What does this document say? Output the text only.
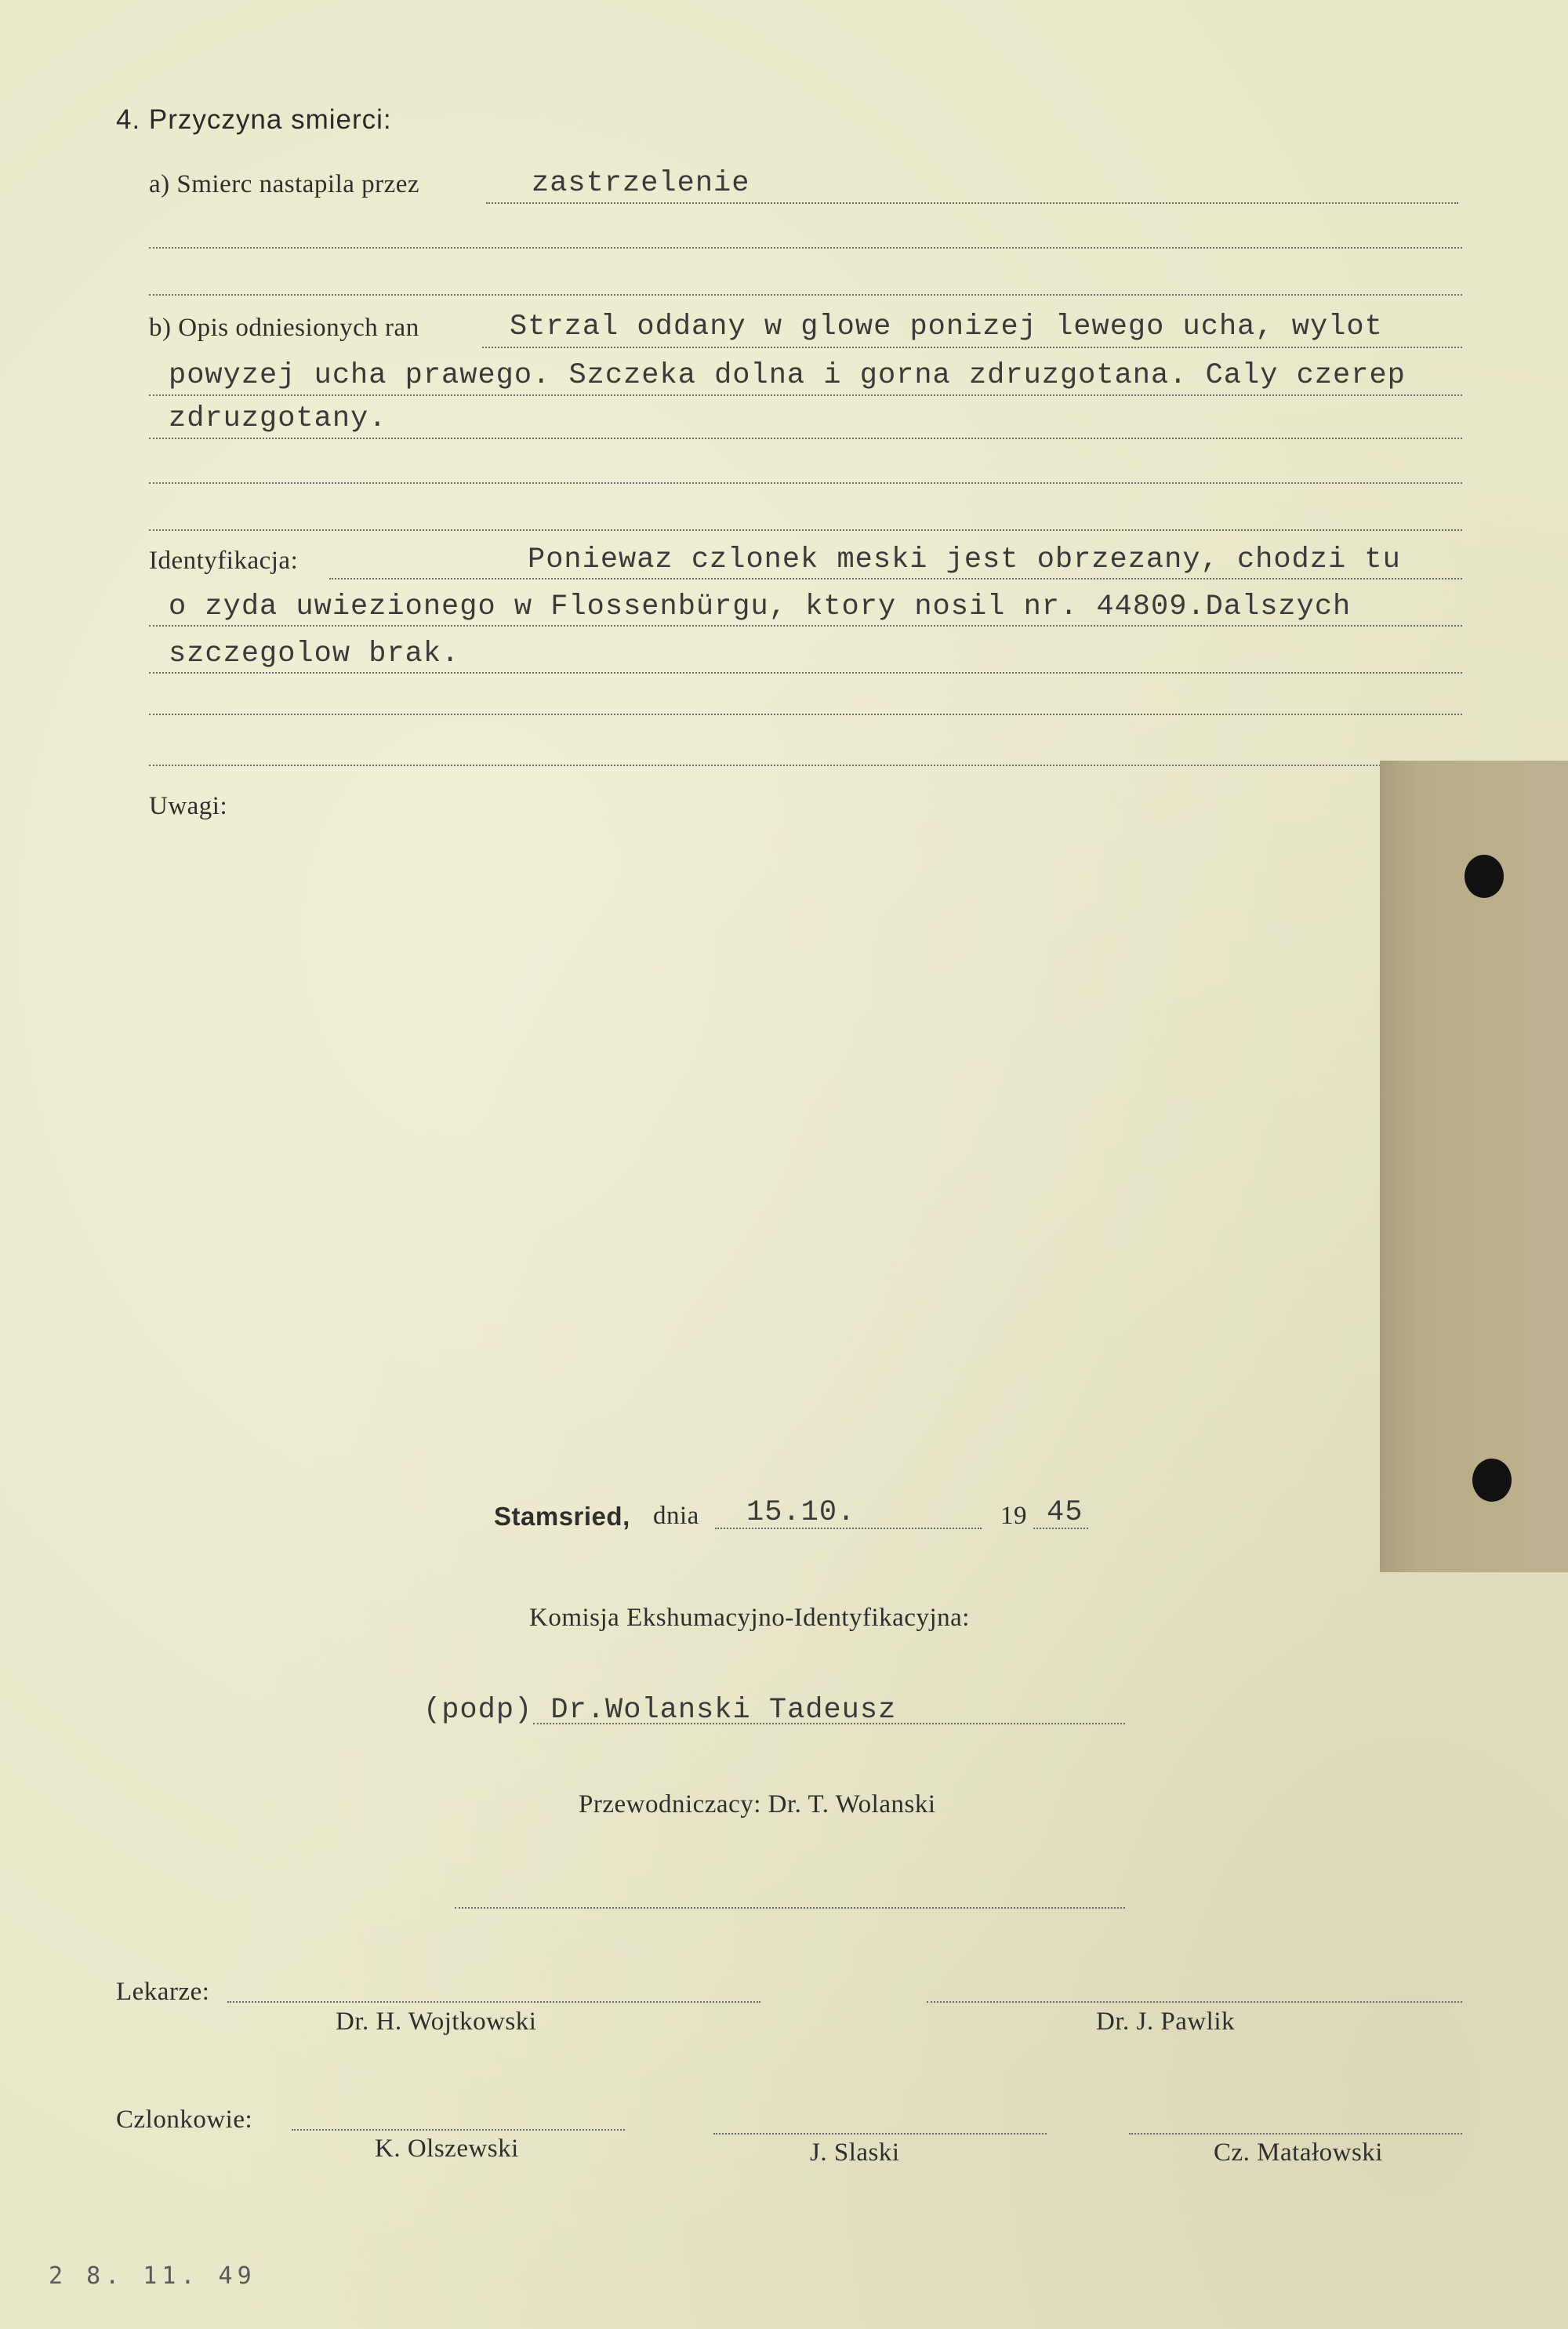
4. Przyczyna smierci:
a) Smierc nastapila przez	zastrzelenie
b) Opis odniesionych ran	Strzal oddany w glowe ponizej lewego ucha, wylot
powyzej ucha prawego. Szczeka dolna i gorna zdruzgotana. Caly czerep
zdruzgotany.
Identyfikacja:	Poniewaz czlonek meski jest obrzezany, chodzi tu
o zyda uwiezionego w Flossenbürgu, ktory nosil nr. 44809.Dalszych
szczegolow brak.
Uwagi:
Stamsried, dnia 15.10.	19 45
Komisja Ekshumacyjno-Identyfikacyjna:
(podp) Dr.Wolanski Tadeusz
Przewodniczacy: Dr. T. Wolanski
Lekarze:
Dr. H. Wojtkowski	Dr. J. Pawlik
Czlonkowie:
K. Olszewski	J. Slaski	Cz. Matałowski
2 8. 11. 49
